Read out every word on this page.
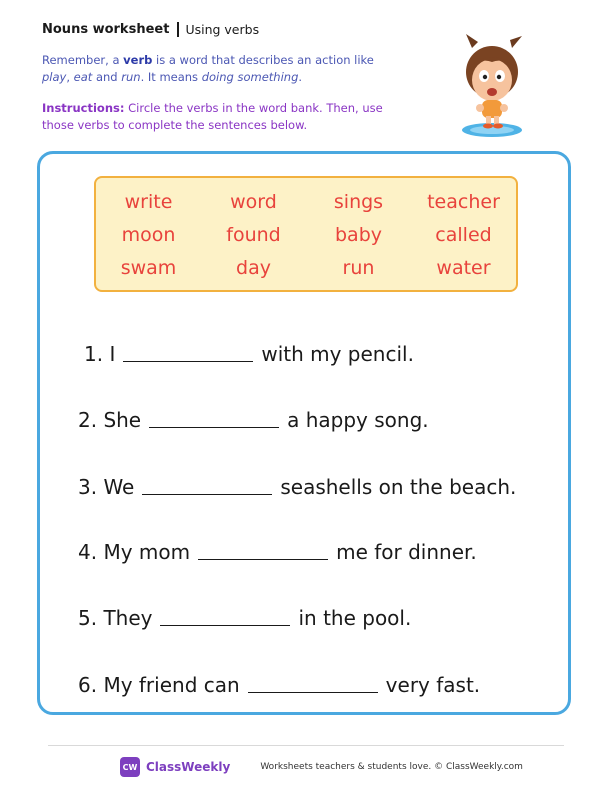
Nouns worksheet Using verbs
Remember, a verb is a word that describes an action like play, eat and run. It means doing something.
Instructions: Circle the verbs in the word bank. Then, use those verbs to complete the sentences below.
write	word	sings	teacher
moon	found	baby	called
swam	day	run	water
1. I	with my pencil.
2. She	a happy song.
3. We	seashells on the beach.
4. My mom	me for dinner.
5. They	in the pool.
6. My friend can	very fast.
CW ClassWeekly	Worksheets teachers & students love. © ClassWeekly.com
